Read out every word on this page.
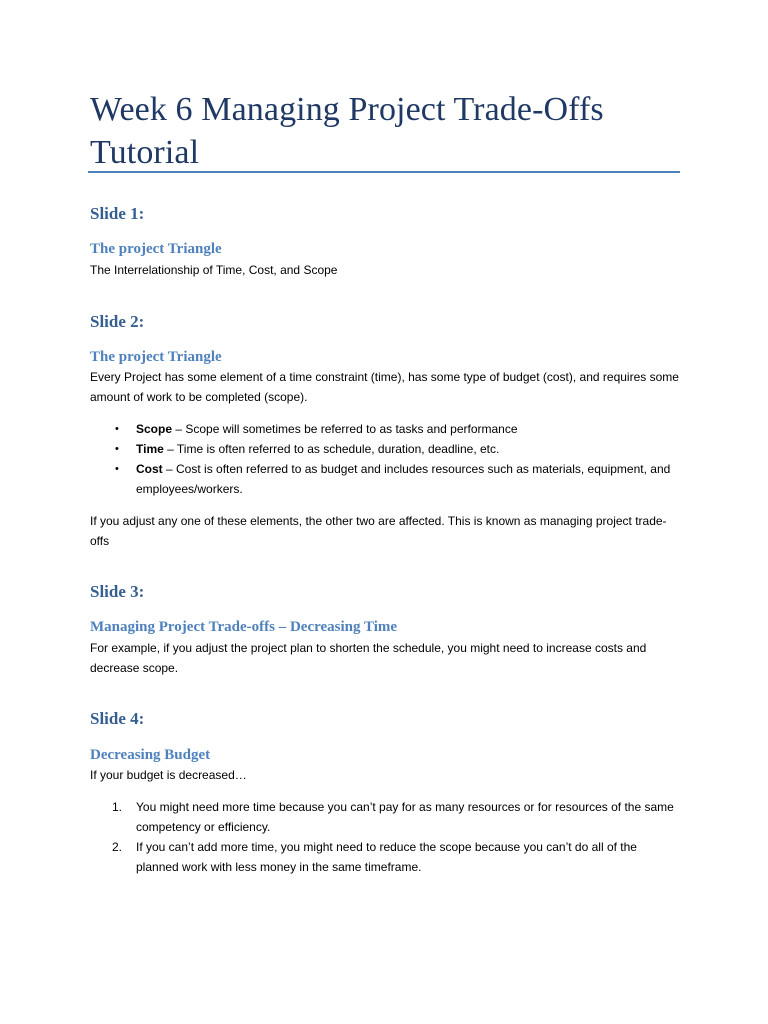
Week 6 Managing Project Trade-Offs Tutorial
Slide 1:
The project Triangle

The Interrelationship of Time, Cost, and Scope

Slide 2:
The project Triangle

Every Project has some element of a time constraint (time), has some type of budget (cost), and requires some amount of work to be completed (scope).

•	Scope – Scope will sometimes be referred to as tasks and performance
•	Time – Time is often referred to as schedule, duration, deadline, etc.
•	Cost – Cost is often referred to as budget and includes resources such as materials, equipment, and employees/workers.

If you adjust any one of these elements, the other two are affected. This is known as managing project trade-offs

Slide 3:
Managing Project Trade-offs – Decreasing Time

For example, if you adjust the project plan to shorten the schedule, you might need to increase costs and decrease scope.

Slide 4:
Decreasing Budget

If your budget is decreased…

1.	You might need more time because you can’t pay for as many resources or for resources of the same competency or efficiency.
2.	If you can’t add more time, you might need to reduce the scope because you can’t do all of the planned work with less money in the same timeframe.
